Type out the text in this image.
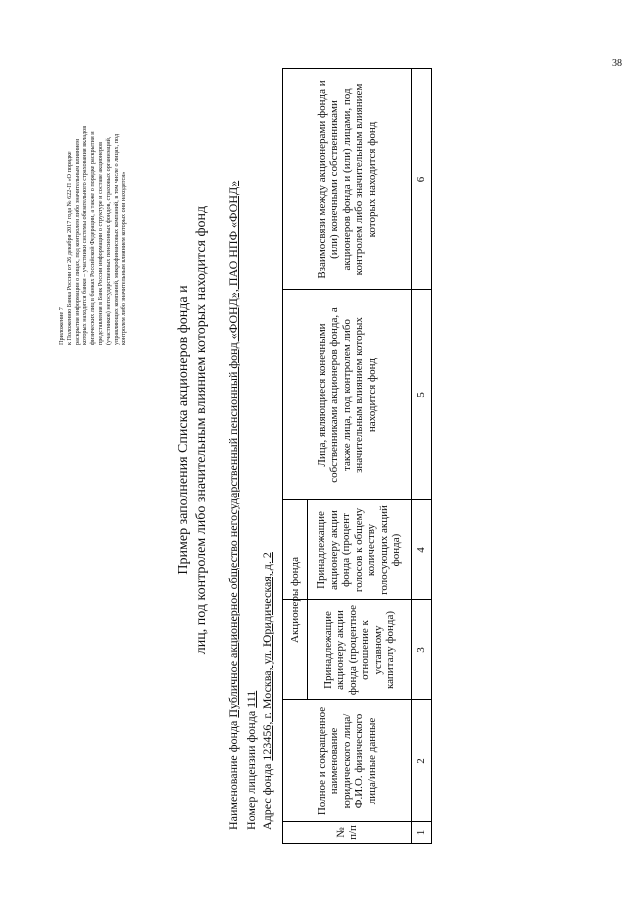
38
Приложение 7 к Положению Банка России от 26 декабря 2017 года № 622-П «О порядке раскрытия информации о лицах, под контролем либо значительным влиянием которых находятся банки – участники системы обязательного страхования вкладов физических лиц в банках Российской Федерации, а также о порядке раскрытия и представления в Банк России информации о структуре и составе акционеров (участников) негосударственных пенсионных фондов, страховых организаций, управляющих компаний, микрофинансовых компаний, в том числе о лицах, под контролем либо значительным влиянием которых они находятся»
Пример заполнения Списка акционеров фонда и лиц, под контролем либо значительным влиянием которых находится фонд
Наименование фонда Публичное акционерное общество негосударственный пенсионный фонд «ФОНД», ПАО НПФ «ФОНД»
Номер лицензии фонда 111
Адрес фонда 123456, г. Москва, ул. Юридическая, д. 2
№ п/п
Полное и сокращенное наименование юридического лица/Ф.И.О. физического лица/иные данные
Акционеры фонда
Принадлежащие акционеру акции фонда (процентное отношение к уставному капиталу фонда)
Принадлежащие акционеру акции фонда (процент голосов к общему количеству голосующих акций фонда)
Лица, являющиеся конечными собственниками акционеров фонда, а также лица, под контролем либо значительным влиянием которых находится фонд
Взаимосвязи между акционерами фонда и (или) конечными собственниками акционеров фонда и (или) лицами, под контролем либо значительным влиянием которых находится фонд
1
2
3
4
5
6
